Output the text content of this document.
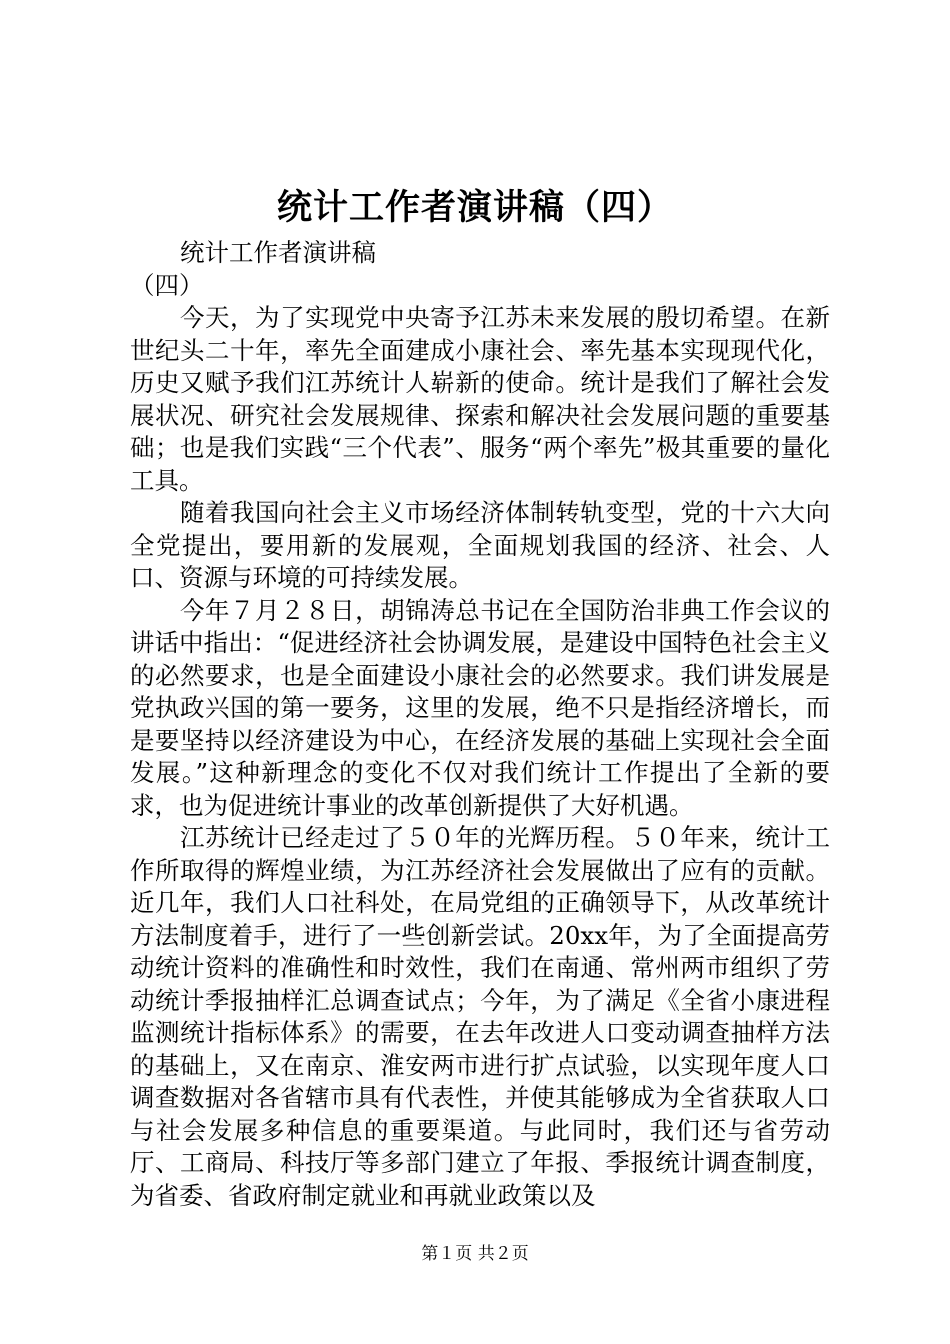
统计工作者演讲稿（四）

统计工作者演讲稿

（四）

今天，为了实现党中央寄予江苏未来发展的殷切希望。在新世纪头二十年，率先全面建成小康社会、率先基本实现现代化，历史又赋予我们江苏统计人崭新的使命。统计是我们了解社会发展状况、研究社会发展规律、探索和解决社会发展问题的重要基础；也是我们实践“三个代表”、服务“两个率先”极其重要的量化工具。

随着我国向社会主义市场经济体制转轨变型，党的十六大向全党提出，要用新的发展观，全面规划我国的经济、社会、人口、资源与环境的可持续发展。

今年７月２８日，胡锦涛总书记在全国防治非典工作会议的讲话中指出：“促进经济社会协调发展，是建设中国特色社会主义的必然要求，也是全面建设小康社会的必然要求。我们讲发展是党执政兴国的第一要务，这里的发展，绝不只是指经济增长，而是要坚持以经济建设为中心，在经济发展的基础上实现社会全面发展。”这种新理念的变化不仅对我们统计工作提出了全新的要求，也为促进统计事业的改革创新提供了大好机遇。

江苏统计已经走过了５０年的光辉历程。５０年来，统计工作所取得的辉煌业绩，为江苏经济社会发展做出了应有的贡献。近几年，我们人口社科处，在局党组的正确领导下，从改革统计方法制度着手，进行了一些创新尝试。20xx年，为了全面提高劳动统计资料的准确性和时效性，我们在南通、常州两市组织了劳动统计季报抽样汇总调查试点；今年，为了满足《全省小康进程监测统计指标体系》的需要，在去年改进人口变动调查抽样方法的基础上，又在南京、淮安两市进行扩点试验，以实现年度人口调查数据对各省辖市具有代表性，并使其能够成为全省获取人口与社会发展多种信息的重要渠道。与此同时，我们还与省劳动厅、工商局、科技厅等多部门建立了年报、季报统计调查制度，为省委、省政府制定就业和再就业政策以及

第１页 共２页
